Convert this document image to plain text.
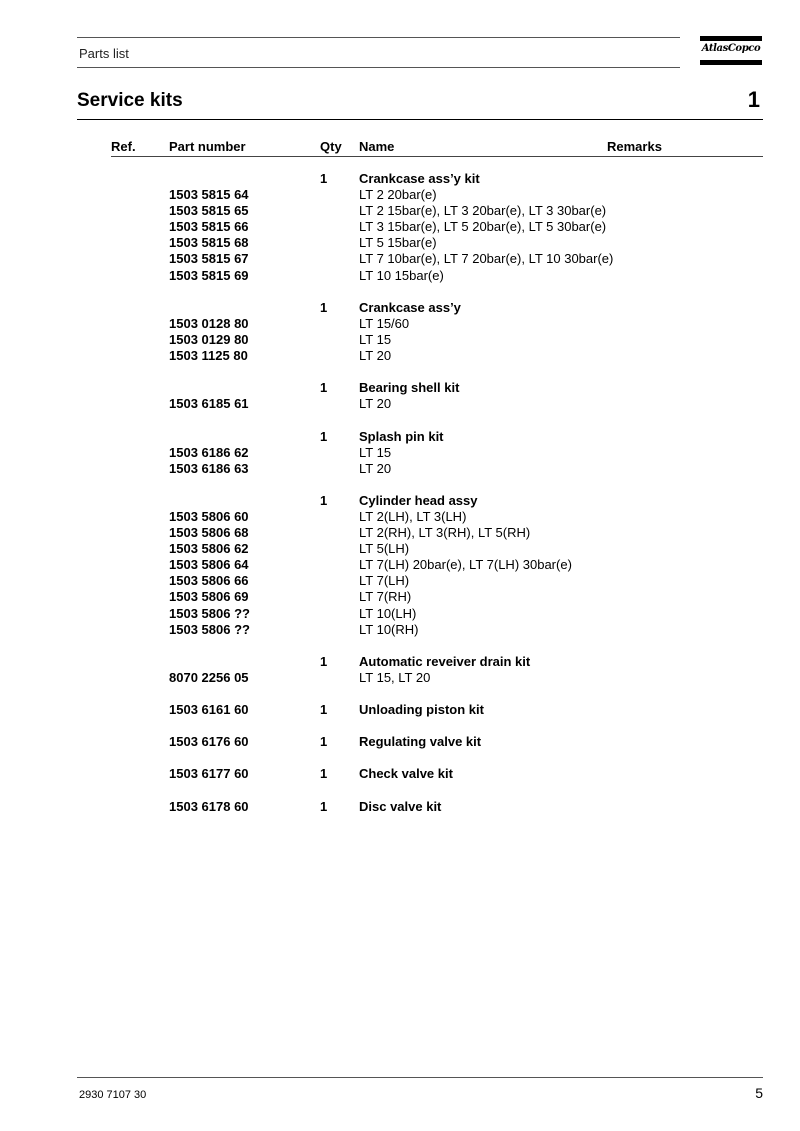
Parts list	AtlasCopco
Service kits	1
Ref.	Part number	Qty Name	Remarks
1 Crankcase ass’y kit
1503 5815 64	LT 2 20bar(e)
1503 5815 65	LT 2 15bar(e), LT 3 20bar(e), LT 3 30bar(e)
1503 5815 66	LT 3 15bar(e), LT 5 20bar(e), LT 5 30bar(e)
1503 5815 68	LT 5 15bar(e)
1503 5815 67	LT 7 10bar(e), LT 7 20bar(e), LT 10 30bar(e)
1503 5815 69	LT 10 15bar(e)
1 Crankcase ass’y
1503 0128 80	LT 15/60
1503 0129 80	LT 15
1503 1125 80	LT 20
1 Bearing shell kit
1503 6185 61	LT 20
1 Splash pin kit
1503 6186 62	LT 15
1503 6186 63	LT 20
1 Cylinder head assy
1503 5806 60	LT 2(LH), LT 3(LH)
1503 5806 68	LT 2(RH), LT 3(RH), LT 5(RH)
1503 5806 62	LT 5(LH)
1503 5806 64	LT 7(LH) 20bar(e), LT 7(LH) 30bar(e)
1503 5806 66	LT 7(LH)
1503 5806 69	LT 7(RH)
1503 5806 ??	LT 10(LH)
1503 5806 ??	LT 10(RH)
1 Automatic reveiver drain kit
8070 2256 05	LT 15, LT 20
1503 6161 60	1 Unloading piston kit
1503 6176 60	1 Regulating valve kit
1503 6177 60	1 Check valve kit
1503 6178 60	1 Disc valve kit
2930 7107 30	5
